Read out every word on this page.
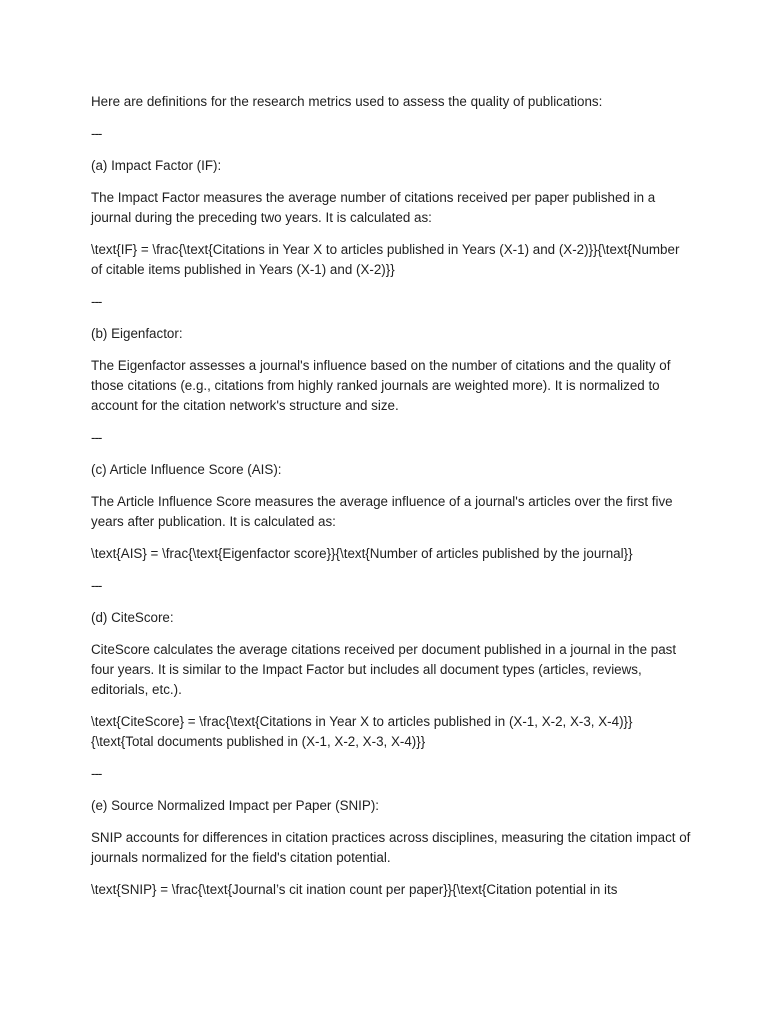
Here are definitions for the research metrics used to assess the quality of publications:

---

(a) Impact Factor (IF):

The Impact Factor measures the average number of citations received per paper published in a journal during the preceding two years. It is calculated as:

\text{IF} = \frac{\text{Citations in Year X to articles published in Years (X-1) and (X-2)}}{\text{Number of citable items published in Years (X-1) and (X-2)}}

---

(b) Eigenfactor:

The Eigenfactor assesses a journal's influence based on the number of citations and the quality of those citations (e.g., citations from highly ranked journals are weighted more). It is normalized to account for the citation network's structure and size.

---

(c) Article Influence Score (AIS):

The Article Influence Score measures the average influence of a journal's articles over the first five years after publication. It is calculated as:

\text{AIS} = \frac{\text{Eigenfactor score}}{\text{Number of articles published by the journal}}

---

(d) CiteScore:

CiteScore calculates the average citations received per document published in a journal in the past four years. It is similar to the Impact Factor but includes all document types (articles, reviews, editorials, etc.).

\text{CiteScore} = \frac{\text{Citations in Year X to articles published in (X-1, X-2, X-3, X-4)}}{\text{Total documents published in (X-1, X-2, X-3, X-4)}}

---

(e) Source Normalized Impact per Paper (SNIP):

SNIP accounts for differences in citation practices across disciplines, measuring the citation impact of journals normalized for the field's citation potential.

\text{SNIP} = \frac{\text{Journal’s cit ination count per paper}}{\text{Citation potential in its
